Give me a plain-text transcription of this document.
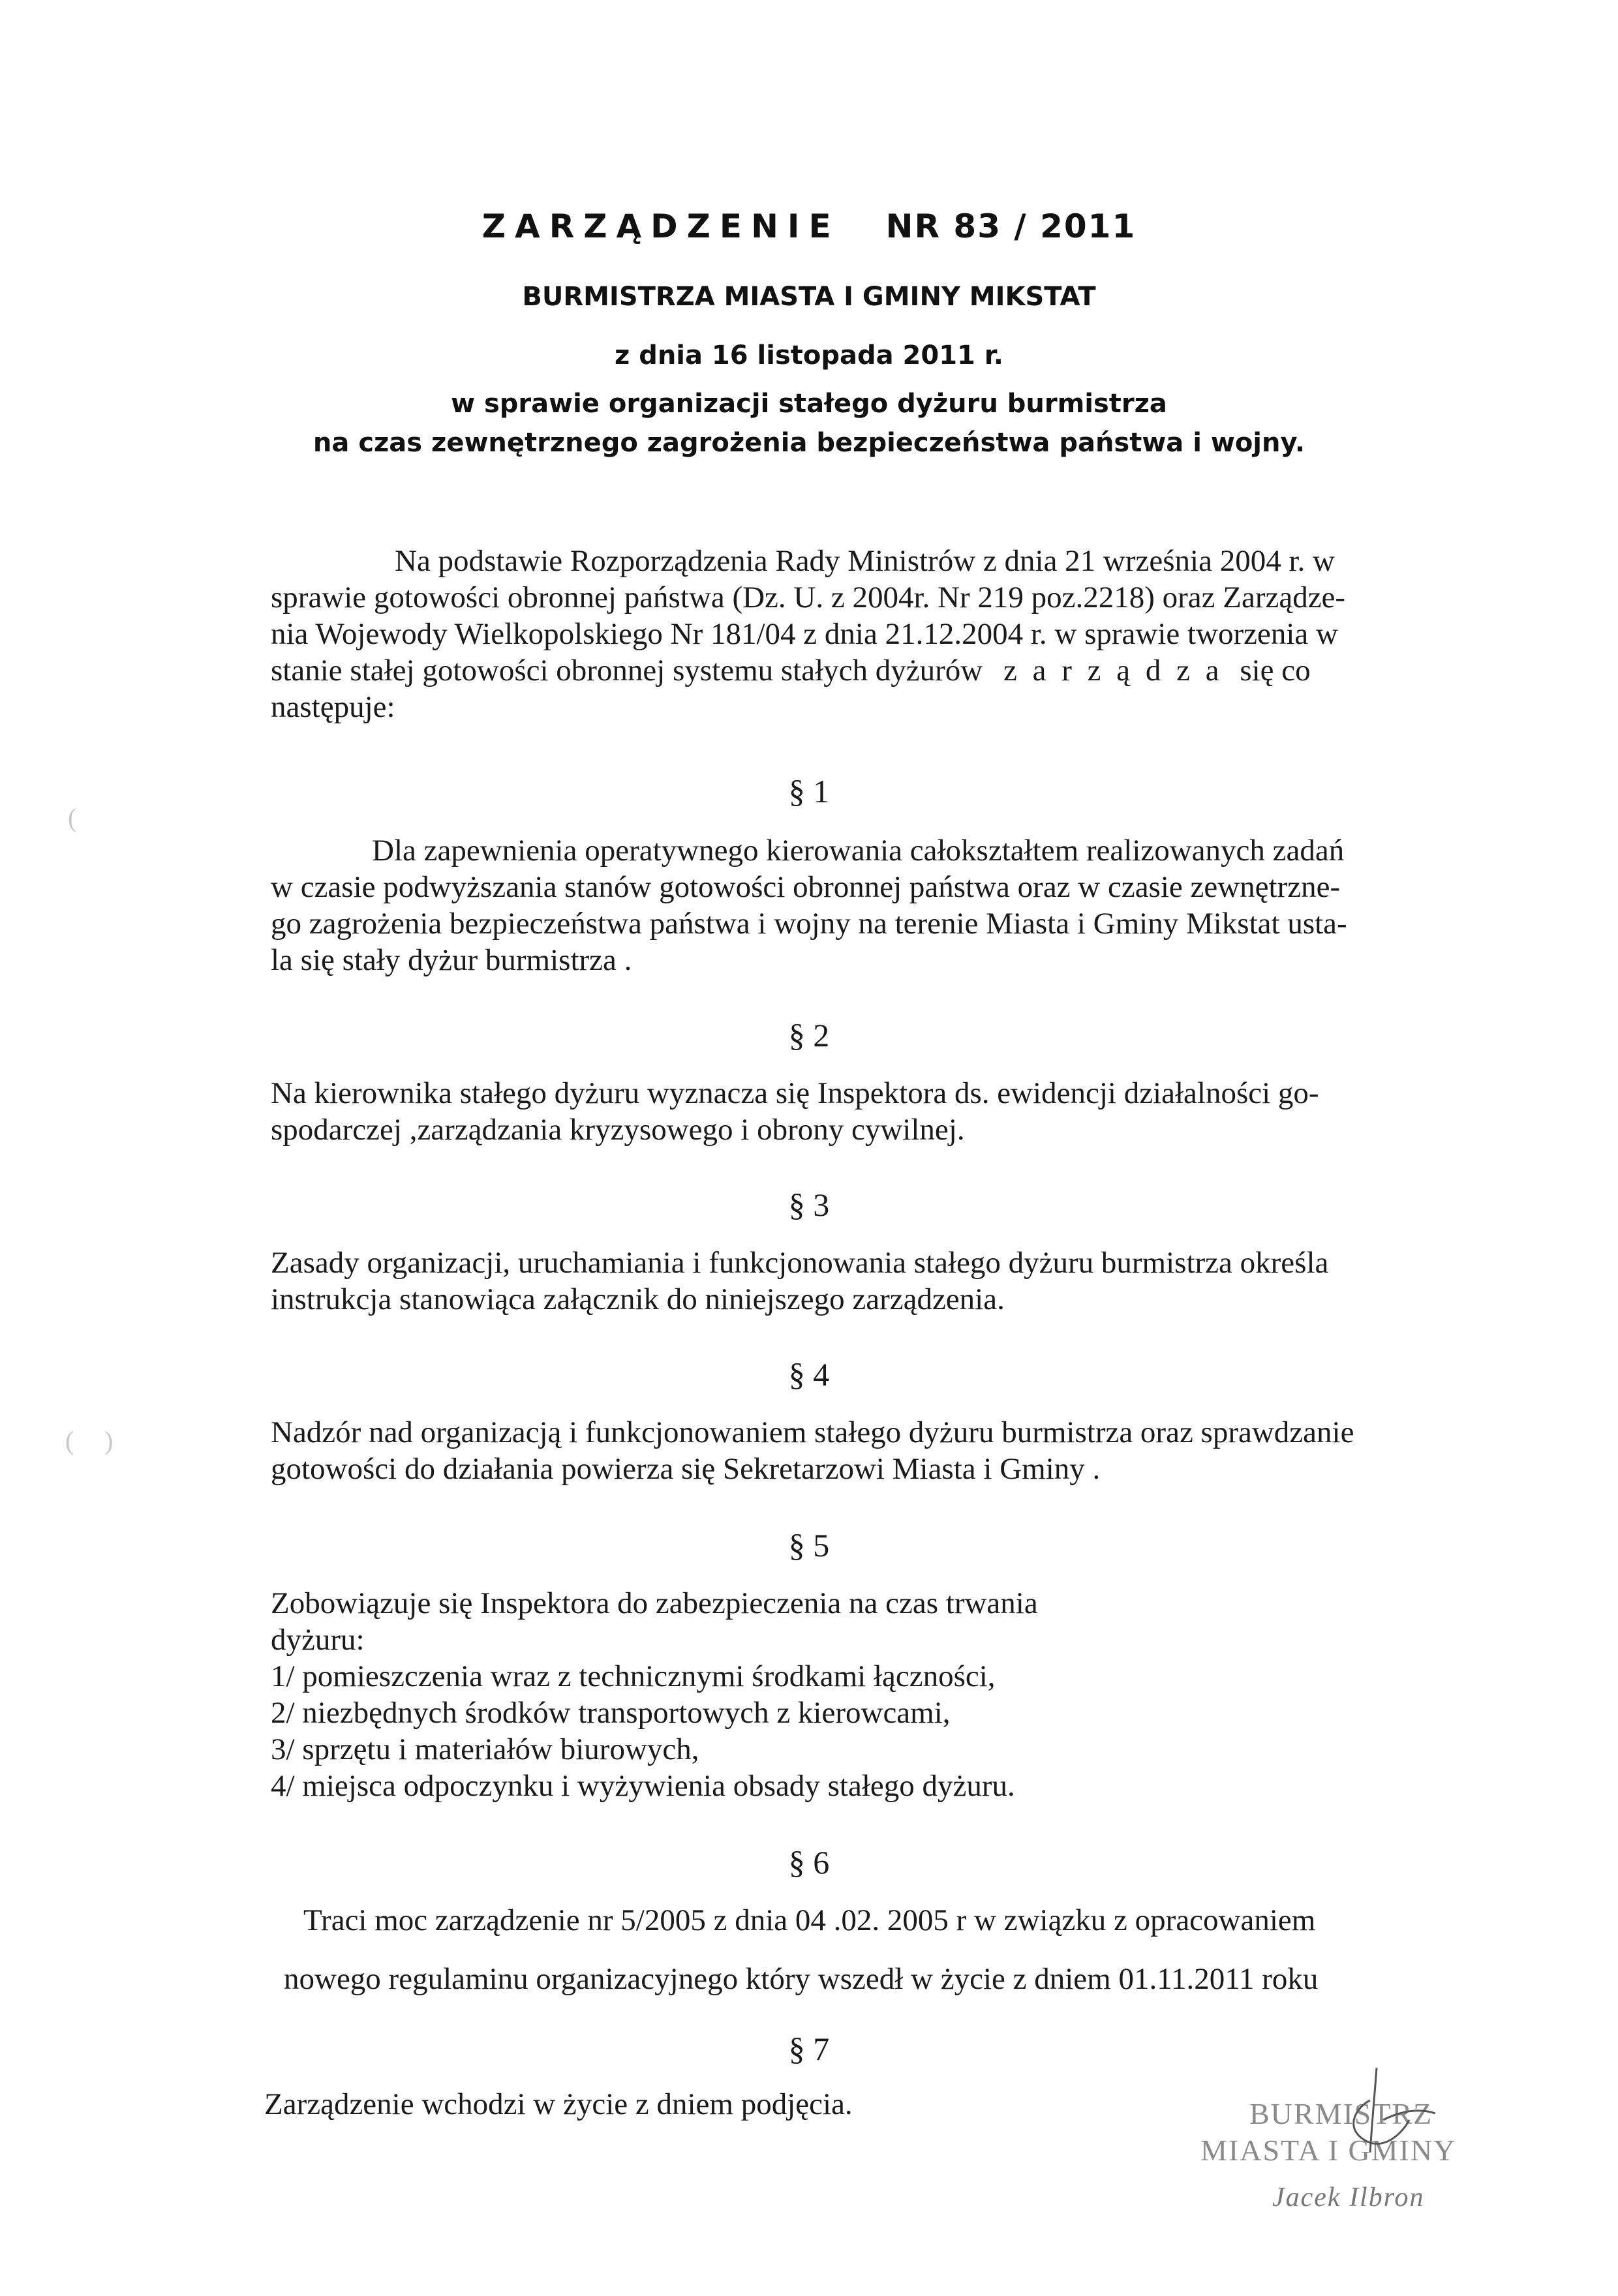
ZARZĄDZENIE NR 83 / 2011
BURMISTRZA MIASTA I GMINY MIKSTAT
z dnia 16 listopada 2011 r.
w sprawie organizacji stałego dyżuru burmistrza
na czas zewnętrznego zagrożenia bezpieczeństwa państwa i wojny.
Na podstawie Rozporządzenia Rady Ministrów z dnia 21 września 2004 r. w
sprawie gotowości obronnej państwa (Dz. U. z 2004r. Nr 219 poz.2218) oraz Zarządze-
nia Wojewody Wielkopolskiego Nr 181/04 z dnia 21.12.2004 r. w sprawie tworzenia w
stanie stałej gotowości obronnej systemu stałych dyżurów z a r z ą d z a się co
następuje:
§ 1
Dla zapewnienia operatywnego kierowania całokształtem realizowanych zadań
w czasie podwyższania stanów gotowości obronnej państwa oraz w czasie zewnętrzne-
go zagrożenia bezpieczeństwa państwa i wojny na terenie Miasta i Gminy Mikstat usta-
la się stały dyżur burmistrza .
§ 2
Na kierownika stałego dyżuru wyznacza się Inspektora ds. ewidencji działalności go-
spodarczej ,zarządzania kryzysowego i obrony cywilnej.
§ 3
Zasady organizacji, uruchamiania i funkcjonowania stałego dyżuru burmistrza określa
instrukcja stanowiąca załącznik do niniejszego zarządzenia.
§ 4
Nadzór nad organizacją i funkcjonowaniem stałego dyżuru burmistrza oraz sprawdzanie
gotowości do działania powierza się Sekretarzowi Miasta i Gminy .
§ 5
Zobowiązuje się Inspektora do zabezpieczenia na czas trwania
dyżuru:
1/ pomieszczenia wraz z technicznymi środkami łączności,
2/ niezbędnych środków transportowych z kierowcami,
3/ sprzętu i materiałów biurowych,
4/ miejsca odpoczynku i wyżywienia obsady stałego dyżuru.
§ 6
Traci moc zarządzenie nr 5/2005 z dnia 04 .02. 2005 r w związku z opracowaniem
nowego regulaminu organizacyjnego który wszedł w życie z dniem 01.11.2011 roku
§ 7
Zarządzenie wchodzi w życie z dniem podjęcia.	BURMISTRZ
MIASTA I GMINY
Jacek Ilbron
(
( )
